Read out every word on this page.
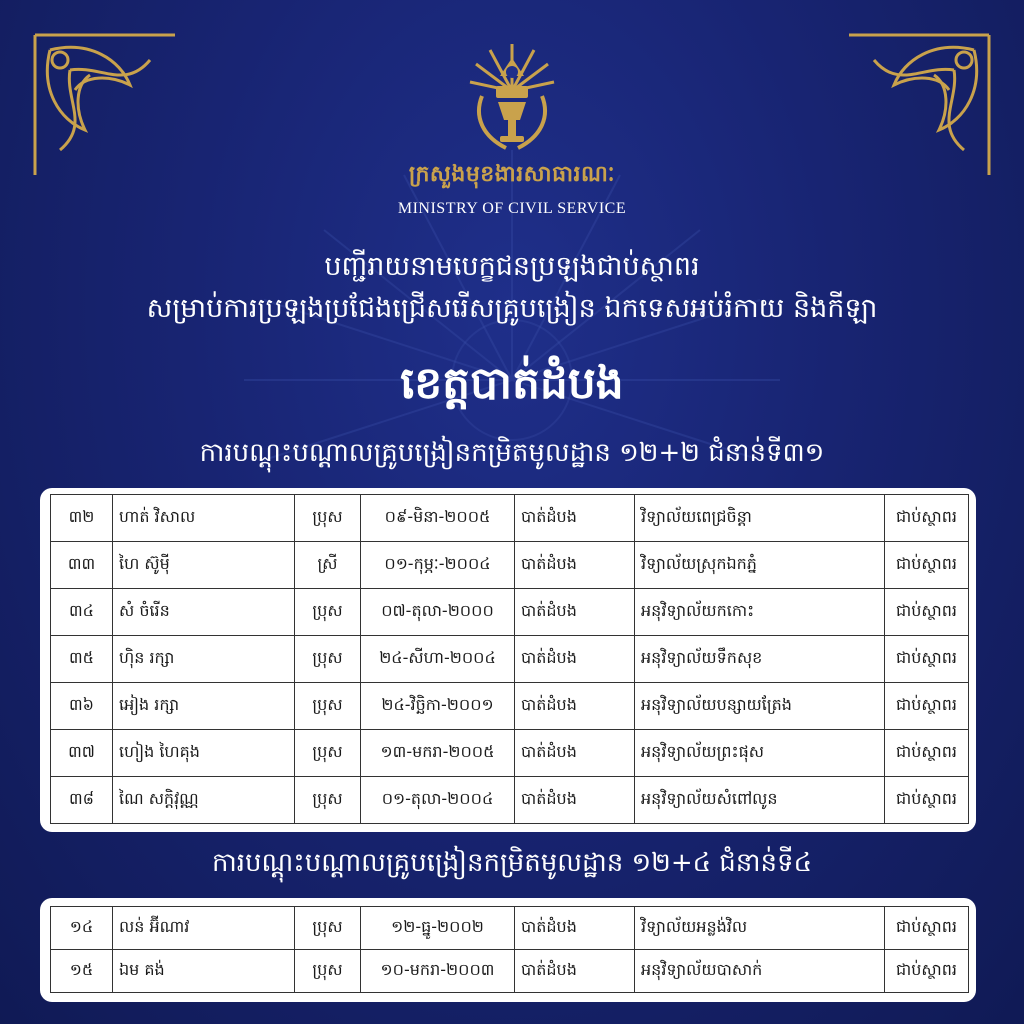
ក្រសួងមុខងារសាធារណៈ
MINISTRY OF CIVIL SERVICE
បញ្ជីរាយនាមបេក្ខជនប្រឡងជាប់ស្ថាពរ
សម្រាប់ការប្រឡងប្រជែងជ្រើសរើសគ្រូបង្រៀន ឯកទេសអប់រំកាយ និងកីឡា
ខេត្តបាត់ដំបង
ការបណ្តុះបណ្តាលគ្រូបង្រៀនកម្រិតមូលដ្ឋាន ១២+២ ជំនាន់ទី៣១
៣២	ហាត់ វិសាល	ប្រុស	០៩-មិនា-២០០៥	បាត់ដំបង	វិទ្យាល័យពេជ្រចិន្តា	ជាប់ស្ថាពរ
៣៣	ហៃ ស៊ូម៉ី	ស្រី	០១-កុម្ភៈ-២០០៤	បាត់ដំបង	វិទ្យាល័យស្រុកឯកភ្នំ	ជាប់ស្ថាពរ
៣៤	សំ ចំរើន	ប្រុស	០៧-តុលា-២០០០	បាត់ដំបង	អនុវិទ្យាល័យកកោះ	ជាប់ស្ថាពរ
៣៥	ហ៊ិន រក្សា	ប្រុស	២៤-សីហា-២០០៤	បាត់ដំបង	អនុវិទ្យាល័យទឹកសុខ	ជាប់ស្ថាពរ
៣៦	អៀង រក្សា	ប្រុស	២៤-វិច្ឆិកា-២០០១	បាត់ដំបង	អនុវិទ្យាល័យបន្សាយត្រែង	ជាប់ស្ថាពរ
៣៧	ហៀង ហៃគុង	ប្រុស	១៣-មករា-២០០៥	បាត់ដំបង	អនុវិទ្យាល័យព្រះផុស	ជាប់ស្ថាពរ
៣៨	ណៃ សក្តិវុណ្ណ	ប្រុស	០១-តុលា-២០០៤	បាត់ដំបង	អនុវិទ្យាល័យសំពៅលូន	ជាប់ស្ថាពរ
ការបណ្តុះបណ្តាលគ្រូបង្រៀនកម្រិតមូលដ្ឋាន ១២+៤ ជំនាន់ទី៤
១៤	លន់ អ៊ីណាវ	ប្រុស	១២-ធ្នូ-២០០២	បាត់ដំបង	វិទ្យាល័យអន្លង់វិល	ជាប់ស្ថាពរ
១៥	ឯម គង់	ប្រុស	១០-មករា-២០០៣	បាត់ដំបង	អនុវិទ្យាល័យបាសាក់	ជាប់ស្ថាពរ
